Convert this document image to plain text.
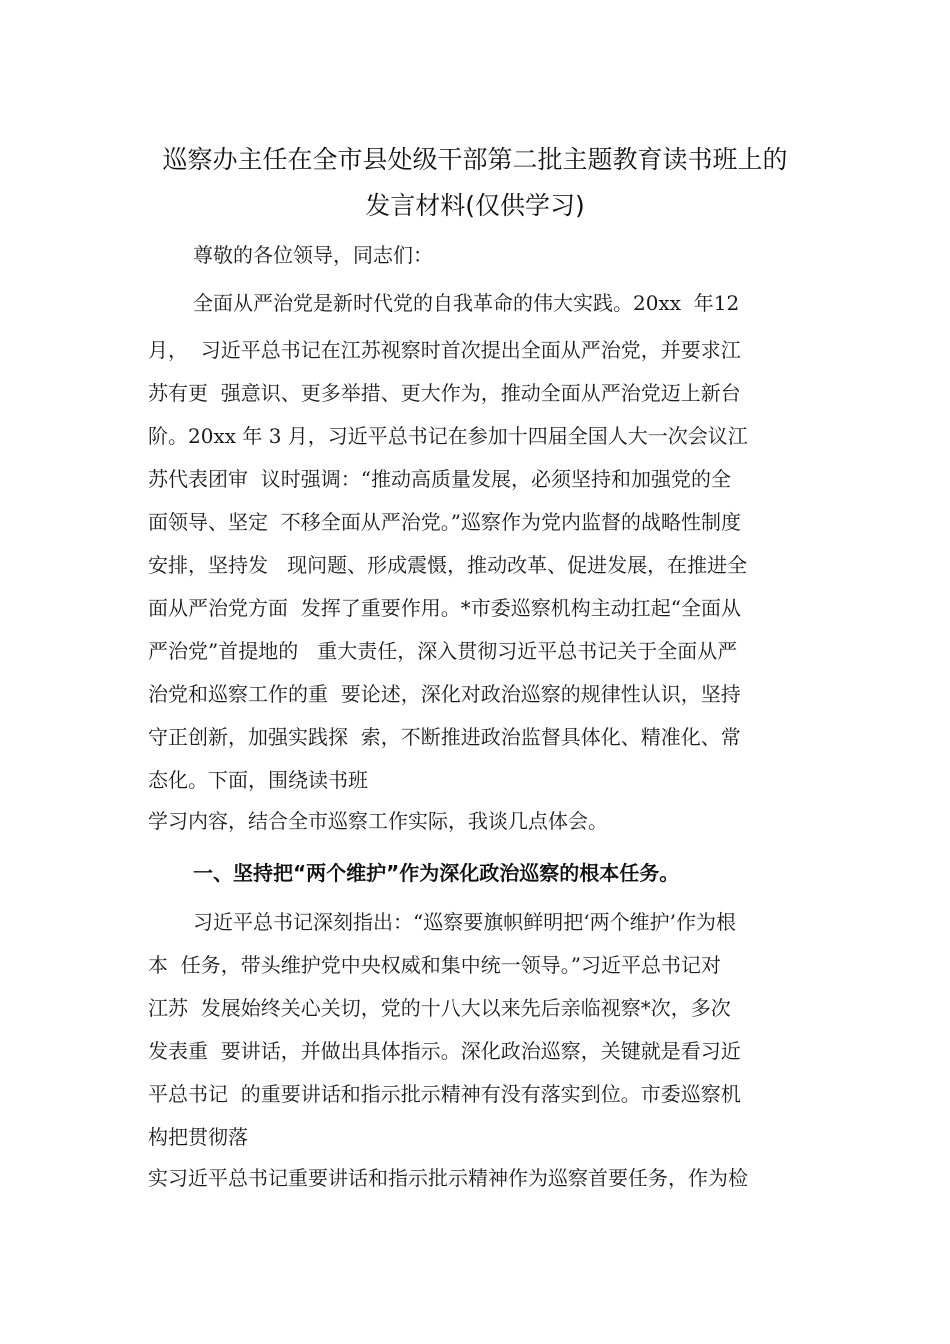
巡察办主任在全市县处级干部第二批主题教育读书班上的
发言材料(仅供学习)

尊敬的各位领导，同志们：

全面从严治党是新时代党的自我革命的伟大实践。20xx  年12

月，  习近平总书记在江苏视察时首次提出全面从严治党，并要求江

苏有更  强意识、更多举措、更大作为，推动全面从严治党迈上新台

阶。20xx 年 3 月，习近平总书记在参加十四届全国人大一次会议江

苏代表团审  议时强调：“推动高质量发展，必须坚持和加强党的全

面领导、坚定  不移全面从严治党。”巡察作为党内监督的战略性制度

安排，坚持发   现问题、形成震慑，推动改革、促进发展，在推进全

面从严治党方面  发挥了重要作用。*市委巡察机构主动扛起“全面从

严治党”首提地的   重大责任，深入贯彻习近平总书记关于全面从严

治党和巡察工作的重  要论述，深化对政治巡察的规律性认识，坚持

守正创新，加强实践探  索，不断推进政治监督具体化、精准化、常

态化。下面，围绕读书班

学习内容，结合全市巡察工作实际，我谈几点体会。

一、坚持把“两个维护”作为深化政治巡察的根本任务。

习近平总书记深刻指出：“巡察要旗帜鲜明把‘两个维护’作为根

本  任务，带头维护党中央权威和集中统一领导。”习近平总书记对

江苏  发展始终关心关切，党的十八大以来先后亲临视察*次，多次

发表重  要讲话，并做出具体指示。深化政治巡察，关键就是看习近

平总书记  的重要讲话和指示批示精神有没有落实到位。市委巡察机

构把贯彻落

实习近平总书记重要讲话和指示批示精神作为巡察首要任务，作为检
